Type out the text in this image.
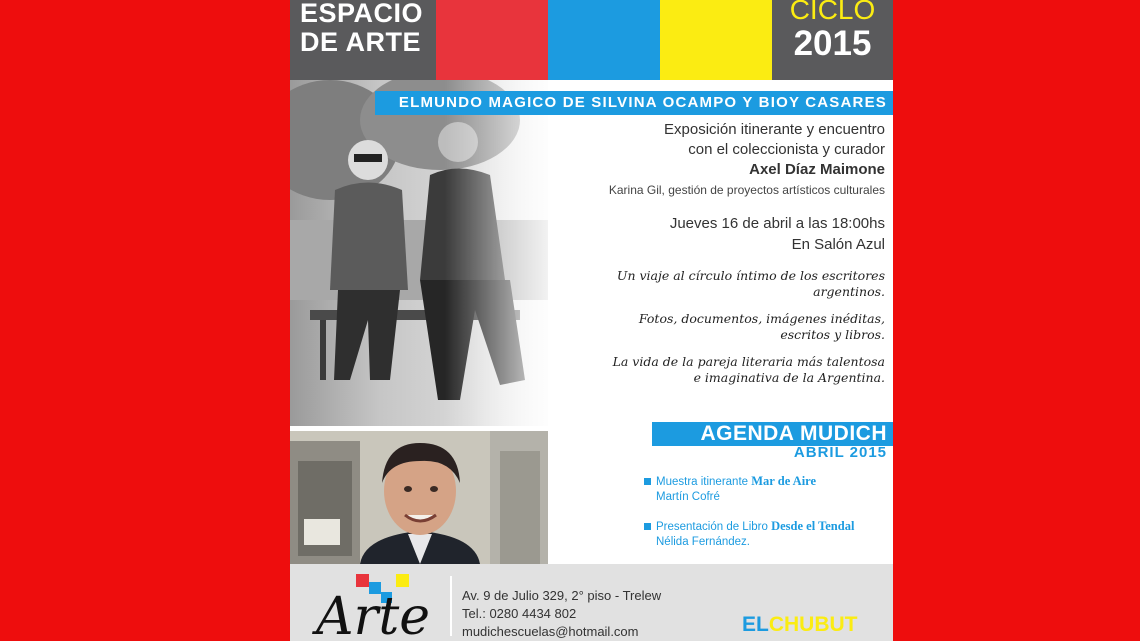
ESPACIO
DE ARTE
CICLO
2015
ELMUNDO MAGICO DE SILVINA OCAMPO Y BIOY CASARES
Exposición itinerante y encuentro
con el coleccionista y curador
Axel Díaz Maimone
Karina Gil, gestión de proyectos artísticos culturales
Jueves 16 de abril a las 18:00hs
En Salón Azul
Un viaje al círculo íntimo de los escritores
argentinos.
Fotos, documentos, imágenes inéditas,
escritos y libros.
La vida de la pareja literaria más talentosa
e imaginativa de la Argentina.
AGENDA MUDICH
ABRIL 2015
Muestra itinerante Mar de Aire
Martín Cofré
Presentación de Libro Desde el Tendal
Nélida Fernández.
Arte Av. 9 de Julio 329, 2° piso - Trelew
Tel.: 0280 4434 802
mudichescuelas@hotmail.com	ELCHUBUT
